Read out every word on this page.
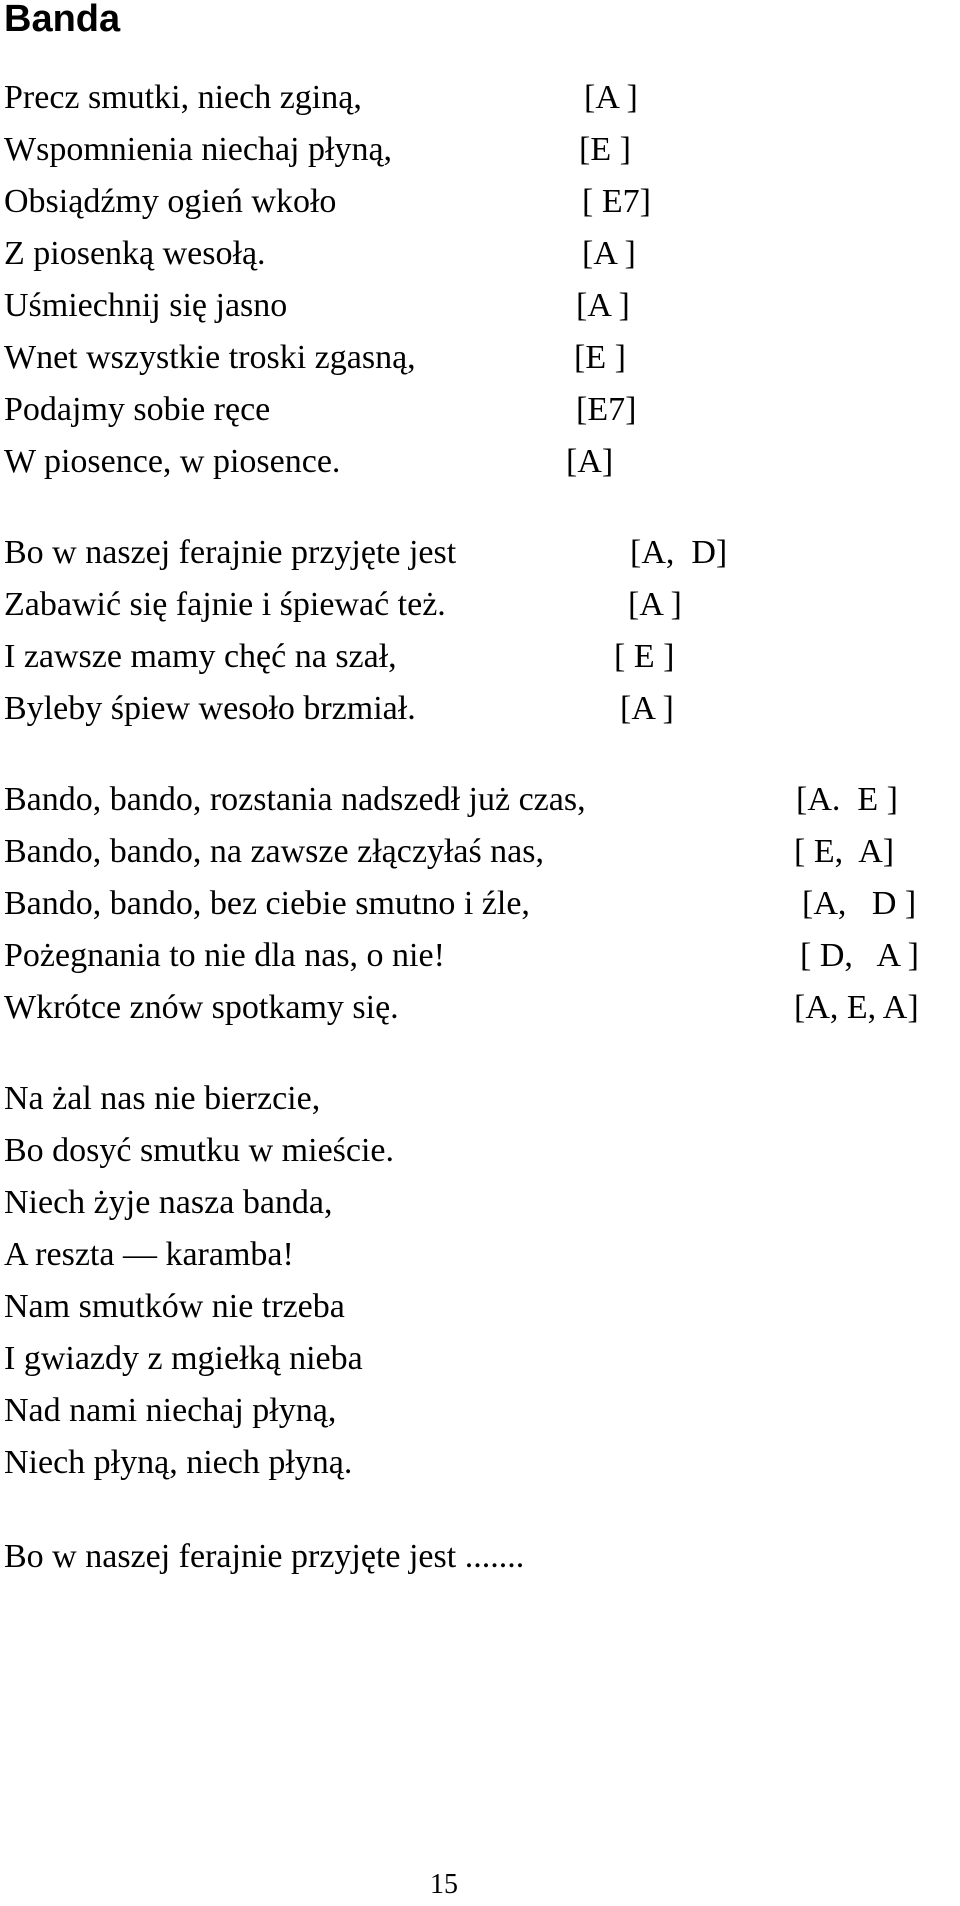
Banda
Precz smutki, niech zginą,	[A ]
Wspomnienia niechaj płyną,	[E ]
Obsiądźmy ogień wkoło	[ E7]
Z piosenką wesołą.	[A ]
Uśmiechnij się jasno	[A ]
Wnet wszystkie troski zgasną,	[E ]
Podajmy sobie ręce	[E7]
W piosence, w piosence.	[A]
Bo w naszej ferajnie przyjęte jest	[A,  D]
Zabawić się fajnie i śpiewać też.	[A ]
I zawsze mamy chęć na szał,	[ E ]
Byleby śpiew wesoło brzmiał.	[A ]
Bando, bando, rozstania nadszedł już czas,	[A.  E ]
Bando, bando, na zawsze złączyłaś nas,	[ E,  A]
Bando, bando, bez ciebie smutno i źle,	[A,   D ]
Pożegnania to nie dla nas, o nie!	[ D,   A ]
Wkrótce znów spotkamy się.	[A, E, A]
Na żal nas nie bierzcie,
Bo dosyć smutku w mieście.
Niech żyje nasza banda,
A reszta — karamba!
Nam smutków nie trzeba
I gwiazdy z mgiełką nieba
Nad nami niechaj płyną,
Niech płyną, niech płyną.
Bo w naszej ferajnie przyjęte jest .......
15
